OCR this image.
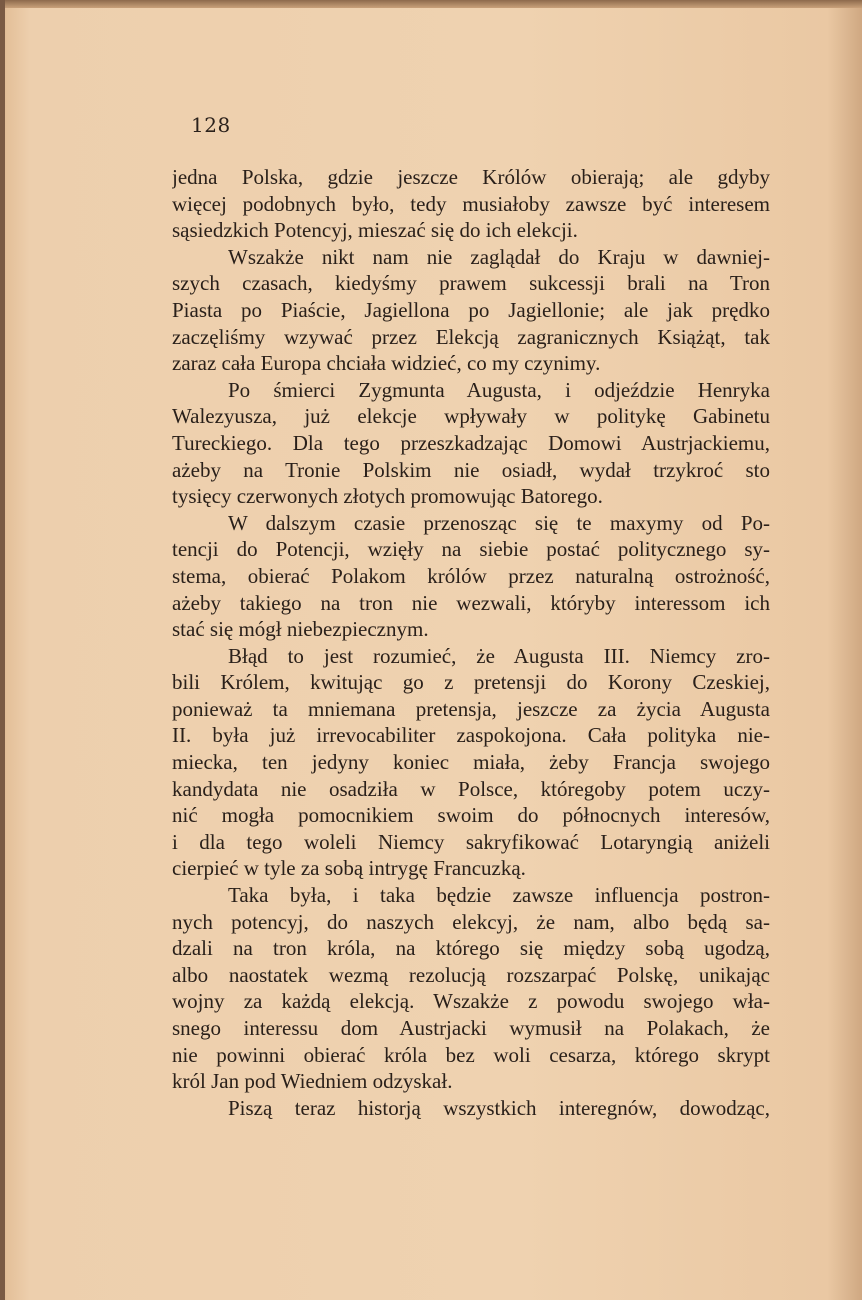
128
jedna Polska, gdzie jeszcze Królów obierają; ale gdyby
więcej podobnych było, tedy musiałoby zawsze być interesem
sąsiedzkich Potencyj, mieszać się do ich elekcji.
Wszakże nikt nam nie zaglądał do Kraju w dawniej-
szych czasach, kiedyśmy prawem sukcessji brali na Tron
Piasta po Piaście, Jagiellona po Jagiellonie; ale jak prędko
zaczęliśmy wzywać przez Elekcją zagranicznych Książąt, tak
zaraz cała Europa chciała widzieć, co my czynimy.
Po śmierci Zygmunta Augusta, i odjeździe Henryka
Walezyusza, już elekcje wpływały w politykę Gabinetu
Tureckiego. Dla tego przeszkadzając Domowi Austrjackiemu,
ażeby na Tronie Polskim nie osiadł, wydał trzykroć sto
tysięcy czerwonych złotych promowując Batorego.
W dalszym czasie przenosząc się te maxymy od Po-
tencji do Potencji, wzięły na siebie postać politycznego sy-
stema, obierać Polakom królów przez naturalną ostrożność,
ażeby takiego na tron nie wezwali, któryby interessom ich
stać się mógł niebezpiecznym.
Błąd to jest rozumieć, że Augusta III. Niemcy zro-
bili Królem, kwitując go z pretensji do Korony Czeskiej,
ponieważ ta mniemana pretensja, jeszcze za życia Augusta
II. była już irrevocabiliter zaspokojona. Cała polityka nie-
miecka, ten jedyny koniec miała, żeby Francja swojego
kandydata nie osadziła w Polsce, któregoby potem uczy-
nić mogła pomocnikiem swoim do północnych interesów,
i dla tego woleli Niemcy sakryfikować Lotaryngią aniżeli
cierpieć w tyle za sobą intrygę Francuzką.
Taka była, i taka będzie zawsze influencja postron-
nych potencyj, do naszych elekcyj, że nam, albo będą sa-
dzali na tron króla, na którego się między sobą ugodzą,
albo naostatek wezmą rezolucją rozszarpać Polskę, unikając
wojny za każdą elekcją. Wszakże z powodu swojego wła-
snego interessu dom Austrjacki wymusił na Polakach, że
nie powinni obierać króla bez woli cesarza, którego skrypt
król Jan pod Wiedniem odzyskał.
Piszą teraz historją wszystkich interegnów, dowodząc,
